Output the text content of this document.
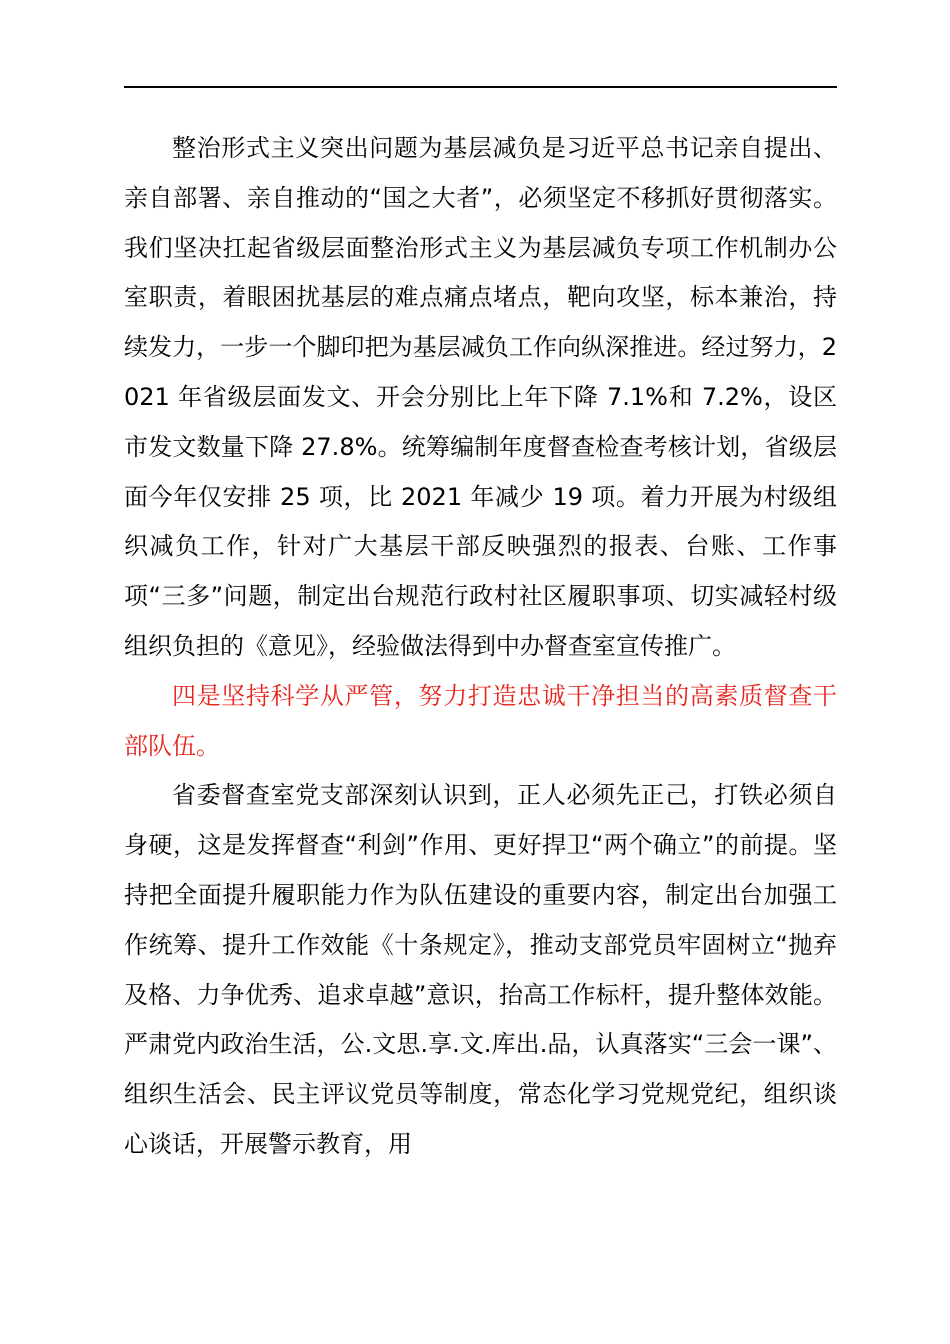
整治形式主义突出问题为基层减负是习近平总书记亲自提出、亲自部署、亲自推动的“国之大者”，必须坚定不移抓好贯彻落实。我们坚决扛起省级层面整治形式主义为基层减负专项工作机制办公室职责，着眼困扰基层的难点痛点堵点，靶向攻坚，标本兼治，持续发力，一步一个脚印把为基层减负工作向纵深推进。经过努力，2021 年省级层面发文、开会分别比上年下降 7.1%和 7.2%，设区市发文数量下降 27.8%。统筹编制年度督查检查考核计划，省级层面今年仅安排 25 项，比 2021 年减少 19 项。着力开展为村级组织减负工作，针对广大基层干部反映强烈的报表、台账、工作事项“三多”问题，制定出台规范行政村社区履职事项、切实减轻村级组织负担的《意见》，经验做法得到中办督查室宣传推广。

四是坚持科学从严管，努力打造忠诚干净担当的高素质督查干部队伍。

省委督查室党支部深刻认识到，正人必须先正己，打铁必须自身硬，这是发挥督查“利剑”作用、更好捍卫“两个确立”的前提。坚持把全面提升履职能力作为队伍建设的重要内容，制定出台加强工作统筹、提升工作效能《十条规定》，推动支部党员牢固树立“抛弃及格、力争优秀、追求卓越”意识，抬高工作标杆，提升整体效能。严肃党内政治生活，公.文思.享.文.库出.品，认真落实“三会一课”、组织生活会、民主评议党员等制度，常态化学习党规党纪，组织谈心谈话，开展警示教育，用
